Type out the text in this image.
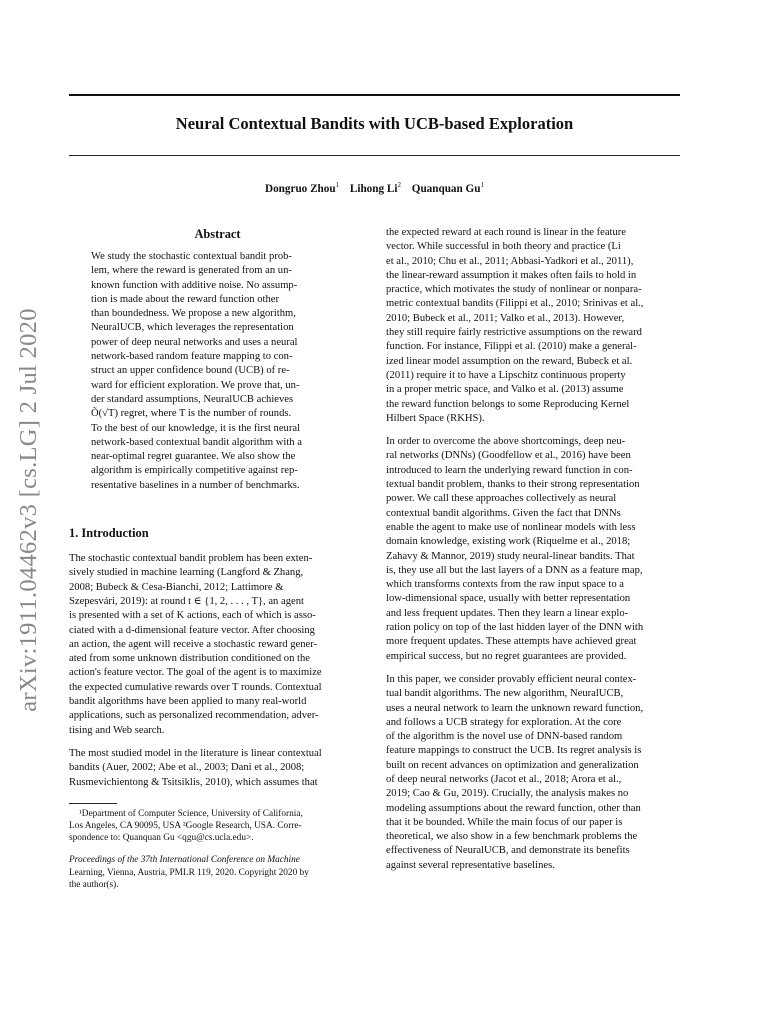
Neural Contextual Bandits with UCB-based Exploration
Dongruo Zhou$^1$ Lihong Li$^2$ Quanquan Gu$^1$
arXiv:1911.04462v3 [cs.LG] 2 Jul 2020
Abstract
We study the stochastic contextual bandit prob-
lem, where the reward is generated from an un-
known function with additive noise. No assump-
tion is made about the reward function other
than boundedness. We propose a new algorithm,
NeuralUCB, which leverages the representation
power of deep neural networks and uses a neural
network-based random feature mapping to con-
struct an upper confidence bound (UCB) of re-
ward for efficient exploration. We prove that, un-
der standard assumptions, NeuralUCB achieves
Õ(√T) regret, where T is the number of rounds.
To the best of our knowledge, it is the first neural
network-based contextual bandit algorithm with a
near-optimal regret guarantee. We also show the
algorithm is empirically competitive against rep-
resentative baselines in a number of benchmarks.
1. Introduction

The stochastic contextual bandit problem has been exten-
sively studied in machine learning (Langford & Zhang,
2008; Bubeck & Cesa-Bianchi, 2012; Lattimore &
Szepesvári, 2019): at round t ∈ {1, 2, . . . , T}, an agent
is presented with a set of K actions, each of which is asso-
ciated with a d-dimensional feature vector. After choosing
an action, the agent will receive a stochastic reward gener-
ated from some unknown distribution conditioned on the
action's feature vector. The goal of the agent is to maximize
the expected cumulative rewards over T rounds. Contextual
bandit algorithms have been applied to many real-world
applications, such as personalized recommendation, adver-
tising and Web search.

The most studied model in the literature is linear contextual
bandits (Auer, 2002; Abe et al., 2003; Dani et al., 2008;
Rusmevichientong & Tsitsiklis, 2010), which assumes that

¹Department of Computer Science, University of California,
Los Angeles, CA 90095, USA ²Google Research, USA. Corre-
spondence to: Quanquan Gu <qgu@cs.ucla.edu>.
Proceedings of the 37th International Conference on Machine
Learning, Vienna, Austria, PMLR 119, 2020. Copyright 2020 by
the author(s).

the expected reward at each round is linear in the feature
vector. While successful in both theory and practice (Li
et al., 2010; Chu et al., 2011; Abbasi-Yadkori et al., 2011),
the linear-reward assumption it makes often fails to hold in
practice, which motivates the study of nonlinear or nonpara-
metric contextual bandits (Filippi et al., 2010; Srinivas et al.,
2010; Bubeck et al., 2011; Valko et al., 2013). However,
they still require fairly restrictive assumptions on the reward
function. For instance, Filippi et al. (2010) make a general-
ized linear model assumption on the reward, Bubeck et al.
(2011) require it to have a Lipschitz continuous property
in a proper metric space, and Valko et al. (2013) assume
the reward function belongs to some Reproducing Kernel
Hilbert Space (RKHS).

In order to overcome the above shortcomings, deep neu-
ral networks (DNNs) (Goodfellow et al., 2016) have been
introduced to learn the underlying reward function in con-
textual bandit problem, thanks to their strong representation
power. We call these approaches collectively as neural
contextual bandit algorithms. Given the fact that DNNs
enable the agent to make use of nonlinear models with less
domain knowledge, existing work (Riquelme et al., 2018;
Zahavy & Mannor, 2019) study neural-linear bandits. That
is, they use all but the last layers of a DNN as a feature map,
which transforms contexts from the raw input space to a
low-dimensional space, usually with better representation
and less frequent updates. Then they learn a linear explo-
ration policy on top of the last hidden layer of the DNN with
more frequent updates. These attempts have achieved great
empirical success, but no regret guarantees are provided.

In this paper, we consider provably efficient neural contex-
tual bandit algorithms. The new algorithm, NeuralUCB,
uses a neural network to learn the unknown reward function,
and follows a UCB strategy for exploration. At the core
of the algorithm is the novel use of DNN-based random
feature mappings to construct the UCB. Its regret analysis is
built on recent advances on optimization and generalization
of deep neural networks (Jacot et al., 2018; Arora et al.,
2019; Cao & Gu, 2019). Crucially, the analysis makes no
modeling assumptions about the reward function, other than
that it be bounded. While the main focus of our paper is
theoretical, we also show in a few benchmark problems the
effectiveness of NeuralUCB, and demonstrate its benefits
against several representative baselines.
